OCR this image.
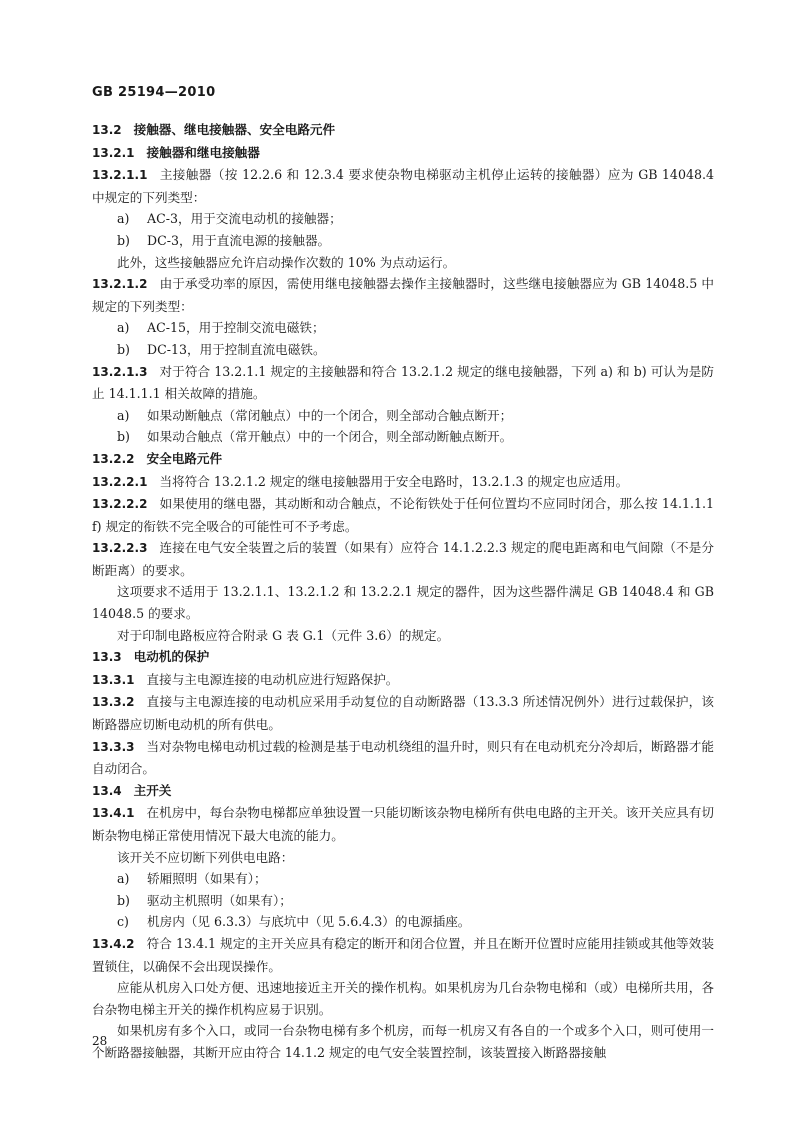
GB 25194—2010

13.2 接触器、继电接触器、安全电路元件

13.2.1 接触器和继电接触器

13.2.1.1 主接触器（按 12.2.6 和 12.3.4 要求使杂物电梯驱动主机停止运转的接触器）应为 GB 14048.4 中规定的下列类型：

a) AC-3，用于交流电动机的接触器；

b) DC-3，用于直流电源的接触器。

此外，这些接触器应允许启动操作次数的 10% 为点动运行。

13.2.1.2 由于承受功率的原因，需使用继电接触器去操作主接触器时，这些继电接触器应为 GB 14048.5 中规定的下列类型：

a) AC-15，用于控制交流电磁铁；

b) DC-13，用于控制直流电磁铁。

13.2.1.3 对于符合 13.2.1.1 规定的主接触器和符合 13.2.1.2 规定的继电接触器，下列 a) 和 b) 可认为是防止 14.1.1.1 相关故障的措施。

a) 如果动断触点（常闭触点）中的一个闭合，则全部动合触点断开；

b) 如果动合触点（常开触点）中的一个闭合，则全部动断触点断开。

13.2.2 安全电路元件

13.2.2.1 当将符合 13.2.1.2 规定的继电接触器用于安全电路时，13.2.1.3 的规定也应适用。

13.2.2.2 如果使用的继电器，其动断和动合触点，不论衔铁处于任何位置均不应同时闭合，那么按 14.1.1.1 f) 规定的衔铁不完全吸合的可能性可不予考虑。

13.2.2.3 连接在电气安全装置之后的装置（如果有）应符合 14.1.2.2.3 规定的爬电距离和电气间隙（不是分断距离）的要求。

这项要求不适用于 13.2.1.1、13.2.1.2 和 13.2.2.1 规定的器件，因为这些器件满足 GB 14048.4 和 GB 14048.5 的要求。

对于印制电路板应符合附录 G 表 G.1（元件 3.6）的规定。

13.3 电动机的保护

13.3.1 直接与主电源连接的电动机应进行短路保护。

13.3.2 直接与主电源连接的电动机应采用手动复位的自动断路器（13.3.3 所述情况例外）进行过载保护，该断路器应切断电动机的所有供电。

13.3.3 当对杂物电梯电动机过载的检测是基于电动机绕组的温升时，则只有在电动机充分冷却后，断路器才能自动闭合。

13.4 主开关

13.4.1 在机房中，每台杂物电梯都应单独设置一只能切断该杂物电梯所有供电电路的主开关。该开关应具有切断杂物电梯正常使用情况下最大电流的能力。

该开关不应切断下列供电电路：

a) 轿厢照明（如果有）；

b) 驱动主机照明（如果有）；

c) 机房内（见 6.3.3）与底坑中（见 5.6.4.3）的电源插座。

13.4.2 符合 13.4.1 规定的主开关应具有稳定的断开和闭合位置，并且在断开位置时应能用挂锁或其他等效装置锁住，以确保不会出现误操作。

应能从机房入口处方便、迅速地接近主开关的操作机构。如果机房为几台杂物电梯和（或）电梯所共用，各台杂物电梯主开关的操作机构应易于识别。

如果机房有多个入口，或同一台杂物电梯有多个机房，而每一机房又有各自的一个或多个入口，则可使用一个断路器接触器，其断开应由符合 14.1.2 规定的电气安全装置控制，该装置接入断路器接触

28
